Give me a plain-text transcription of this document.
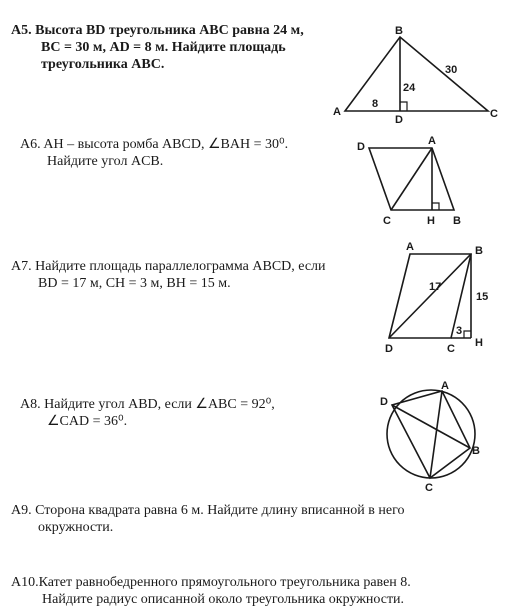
A5. Высота BD треугольника ABC равна 24 м,
BC = 30 м, AD = 8 м. Найдите площадь
треугольника ABC.
B
A
D	C
24
8
30
A6. AH – высота ромба ABCD, ∠BAH = 30⁰.
Найдите угол ACB.
D	A
C	H B
A7. Найдите площадь параллелограмма ABCD, если
BD = 17 м, CH = 3 м, BH = 15 м.
A	B
D	C H
17
15
3
A8. Найдите угол ABD, если ∠ABC = 92⁰,
∠CAD = 36⁰.
D
A
B
C
A9. Сторона квадрата равна 6 м. Найдите длину вписанной в него
окружности.
A10.Катет равнобедренного прямоугольного треугольника равен 8.
Найдите радиус описанной около треугольника окружности.
